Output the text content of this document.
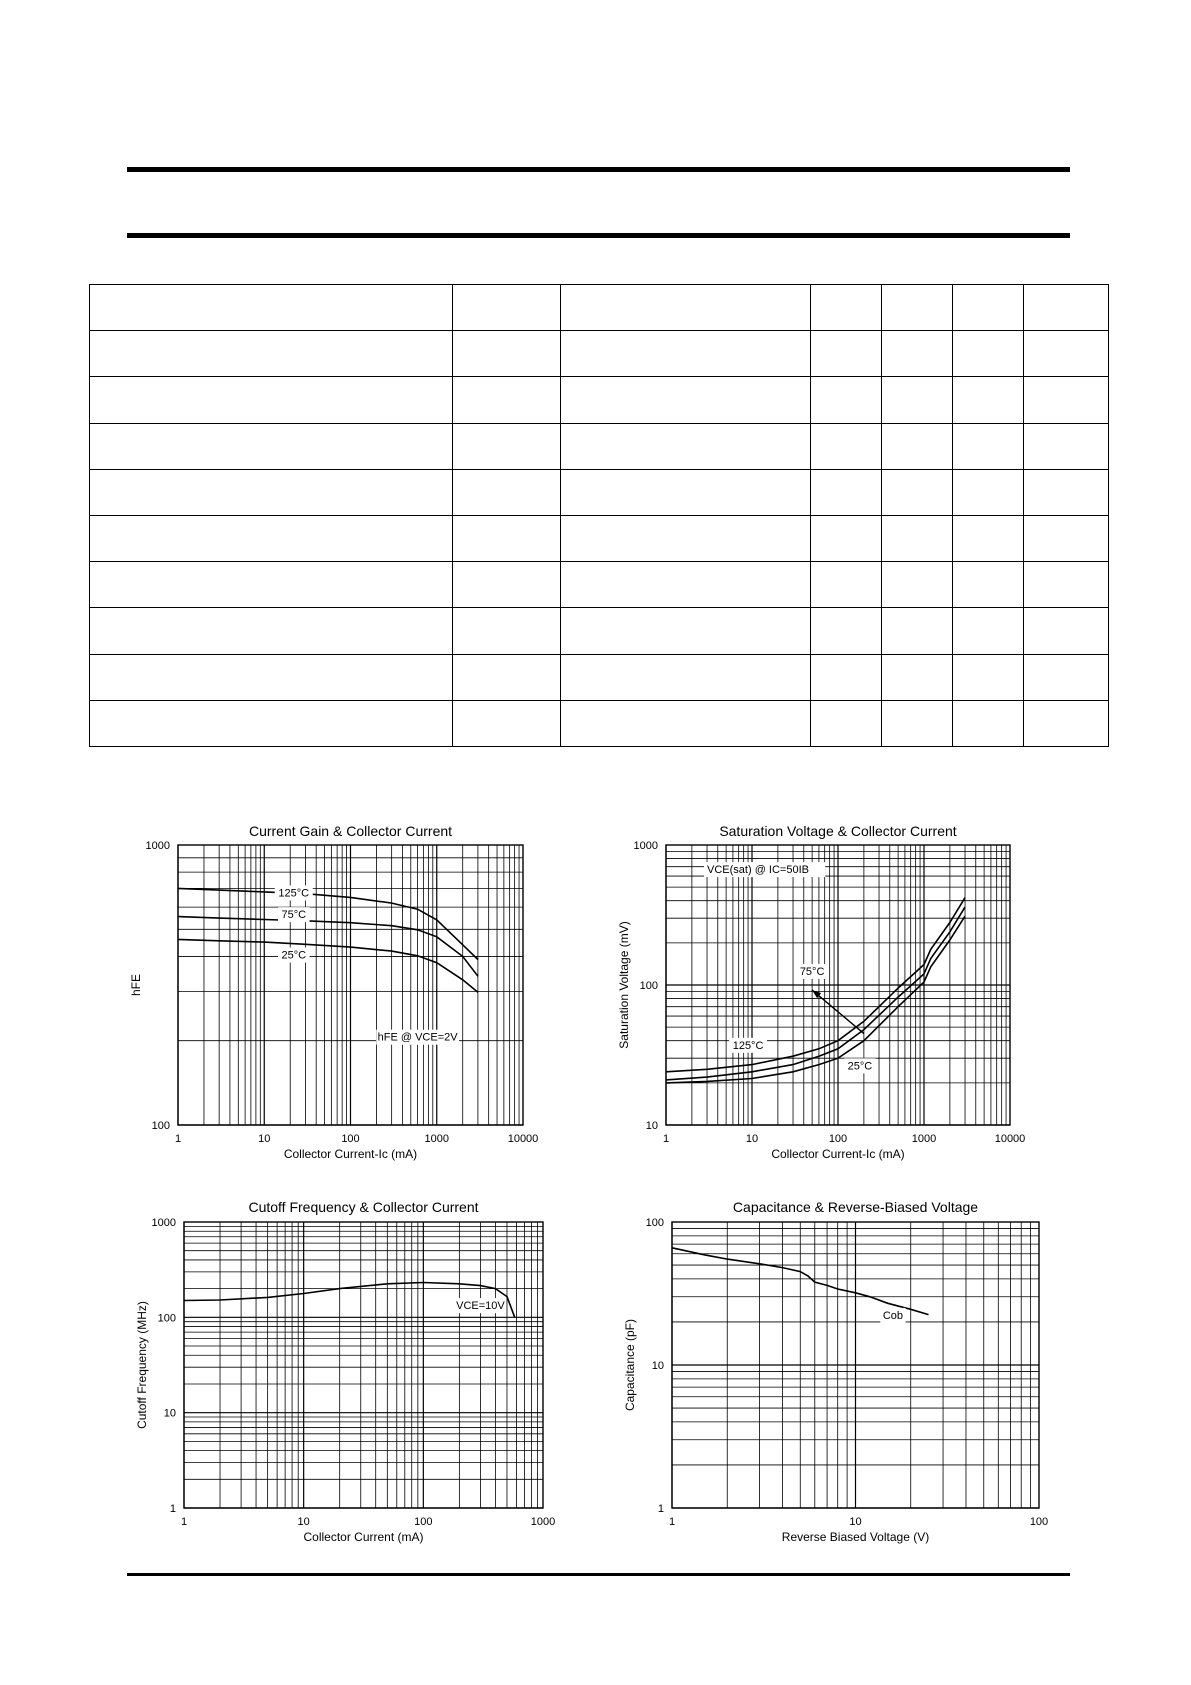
Current Gain & Collector Current
Collector Current-Ic (mA)
hFE
1	10	100	1000	10000
100
1000
125°C
75°C
25°C
hFE @ VCE=2V
Saturation Voltage & Collector Current
Collector Current-Ic (mA)
Saturation Voltage (mV)
1	10	100	1000	10000
10
100
1000
VCE(sat) @ IC=50IB
75°C
125°C
25°C
Cutoff Frequency & Collector Current
Collector Current (mA)
Cutoff Frequency (MHz)
1	10	100	1000
1
10
100
1000
VCE=10V
Capacitance & Reverse-Biased Voltage
Reverse Biased Voltage (V)
Capacitance (pF)
1	10	100
1
10
100
Cob
